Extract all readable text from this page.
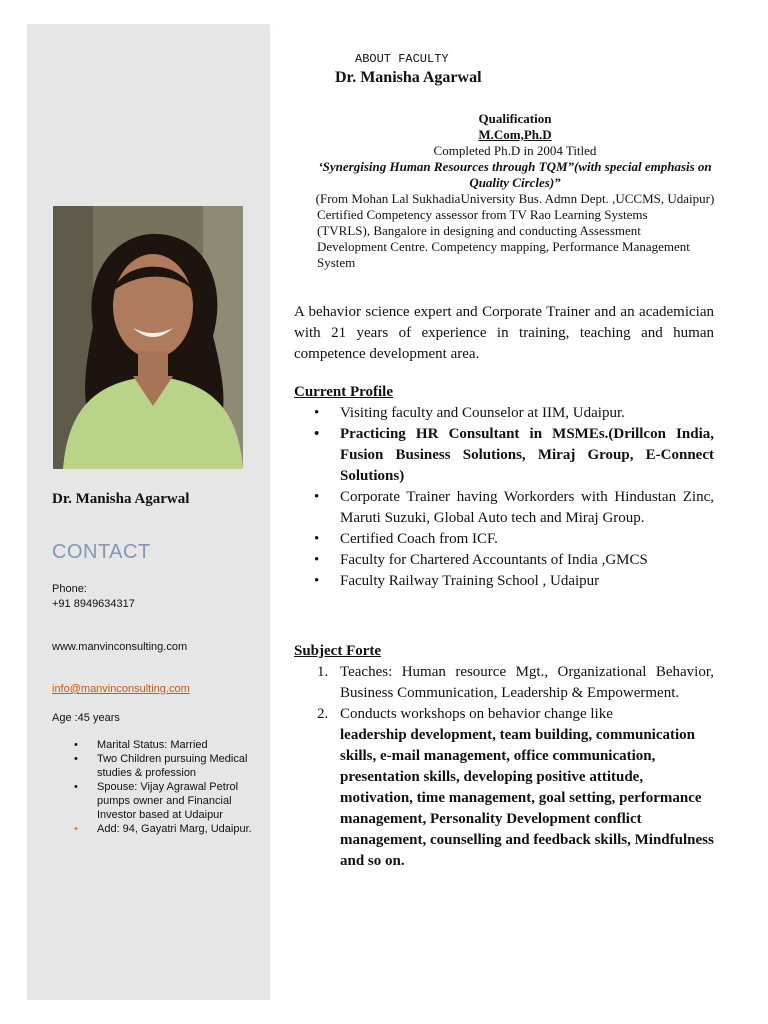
Dr. Manisha Agarwal
CONTACT
Phone:
+91 8949634317
www.manvinconsulting.com
info@manvinconsulting.com
Age :45 years
• Marital Status: Married
• Two Children pursuing Medical studies & profession
• Spouse: Vijay Agrawal Petrol pumps owner and Financial Investor based at Udaipur
• Add: 94, Gayatri Marg, Udaipur.
ABOUT FACULTY
Dr. Manisha Agarwal
Qualification
M.Com,Ph.D
Completed Ph.D in 2004 Titled
‘Synergising Human Resources through TQM”(with special emphasis on Quality Circles)”
(From Mohan Lal SukhadiaUniversity Bus. Admn Dept. ,UCCMS, Udaipur)
Certified Competency assessor from TV Rao Learning Systems (TVRLS), Bangalore in designing and conducting Assessment Development Centre. Competency mapping, Performance Management System
A behavior science expert and Corporate Trainer and an academician with 21 years of experience in training, teaching and human competence development area.
Current Profile
• Visiting faculty and Counselor at IIM, Udaipur.
• Practicing HR Consultant in MSMEs.(Drillcon India, Fusion Business Solutions, Miraj Group, E-Connect Solutions)
• Corporate Trainer having Workorders with Hindustan Zinc, Maruti Suzuki, Global Auto tech and Miraj Group.
• Certified Coach from ICF.
• Faculty for Chartered Accountants of India ,GMCS
• Faculty Railway Training School , Udaipur
Subject Forte
1. Teaches: Human resource Mgt., Organizational Behavior, Business Communication, Leadership & Empowerment.
2. Conducts workshops on behavior change like
leadership development, team building, communication skills, e-mail management, office communication, presentation skills, developing positive attitude, motivation, time management, goal setting, performance management, Personality Development conflict management, counselling and feedback skills, Mindfulness and so on.
